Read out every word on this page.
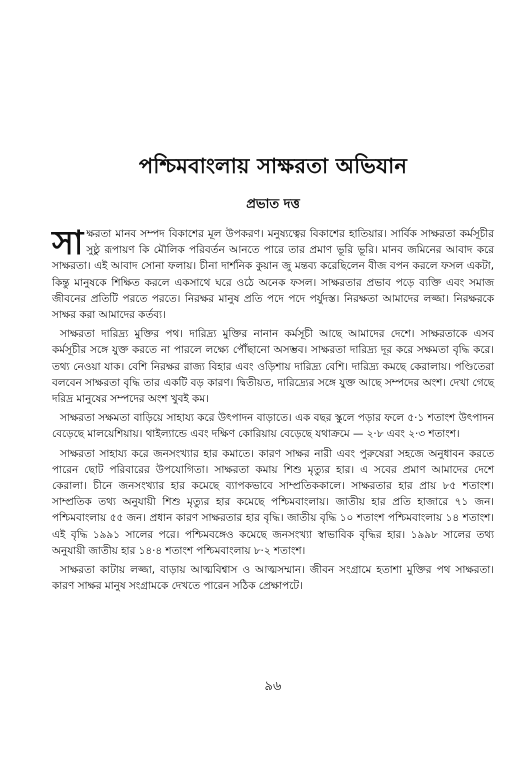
পশ্চিমবাংলায় সাক্ষরতা অভিযান
প্রভাত দত্ত

সাক্ষরতা মানব সম্পদ বিকাশের মূল উপকরণ। মনুষ্যত্বের বিকাশের হাতিয়ার। সার্বিক সাক্ষরতা কর্মসূচীর সুষ্ঠু রূপায়ণ কি মৌলিক পরিবর্তন আনতে পারে তার প্রমাণ ভূরি ভূরি। মানব জমিনের আবাদ করে সাক্ষরতা। এই আবাদ সোনা ফলায়। চীনা দার্শনিক কুয়ান জু মন্তব্য করেছিলেন বীজ বপন করলে ফসল একটা, কিন্তু মানুষকে শিক্ষিত করলে একসাথে ঘরে ওঠে অনেক ফসল। সাক্ষরতার প্রভাব পড়ে ব্যক্তি এবং সমাজ জীবনের প্রতিটি পরতে পরতে। নিরক্ষর মানুষ প্রতি পদে পদে পর্যুদস্ত। নিরক্ষতা আমাদের লজ্জা। নিরক্ষরকে সাক্ষর করা আমাদের কর্তব্য।

সাক্ষরতা দারিদ্র্য মুক্তির পথ। দারিদ্র্য মুক্তির নানান কর্মসূচী আছে আমাদের দেশে। সাক্ষরতাকে এসব কর্মসূচীর সঙ্গে যুক্ত করতে না পারলে লক্ষ্যে পৌঁছানো অসম্ভব। সাক্ষরতা দারিদ্র্য দূর করে সক্ষমতা বৃদ্ধি করে। তথ্য নেওয়া যাক। বেশি নিরক্ষর রাজ্য বিহার এবং ওড়িশায় দারিদ্র্য বেশি। দারিদ্র্য কমছে কেরালায়। পণ্ডিতেরা বলবেন সাক্ষরতা বৃদ্ধি তার একটি বড় কারণ। দ্বিতীয়ত, দারিদ্র্যের সঙ্গে যুক্ত আছে সম্পদের অংশ। দেখা গেছে দরিদ্র মানুষের সম্পদের অংশ খুবই কম।

সাক্ষরতা সক্ষমতা বাড়িয়ে সাহায্য করে উৎপাদন বাড়াতে। এক বছর স্কুলে পড়ার ফলে ৫·১ শতাংশ উৎপাদন বেড়েছে মালয়েশিয়ায়। থাইল্যান্ডে এবং দক্ষিণ কোরিয়ায় বেড়েছে যথাক্রমে — ২·৮ এবং ২·৩ শতাংশ।

সাক্ষরতা সাহায্য করে জনসংখ্যার হার কমাতে। কারণ সাক্ষর নারী এবং পুরুষেরা সহজে অনুধাবন করতে পারেন ছোট পরিবারের উপযোগিতা। সাক্ষরতা কমায় শিশু মৃত্যুর হার। এ সবের প্রমাণ আমাদের দেশে কেরালা। চীনে জনসংখ্যার হার কমেছে ব্যাপকভাবে সাম্প্রতিককালে। সাক্ষরতার হার প্রায় ৮৫ শতাংশ। সাম্প্রতিক তথ্য অনুযায়ী শিশু মৃত্যুর হার কমেছে পশ্চিমবাংলায়। জাতীয় হার প্রতি হাজারে ৭১ জন। পশ্চিমবাংলায় ৫৫ জন। প্রধান কারণ সাক্ষরতার হার বৃদ্ধি। জাতীয় বৃদ্ধি ১০ শতাংশ পশ্চিমবাংলায় ১৪ শতাংশ। এই বৃদ্ধি ১৯৯১ সালের পরে। পশ্চিমবঙ্গেও কমেছে জনসংখ্যা স্বাভাবিক বৃদ্ধির হার। ১৯৯৮ সালের তথ্য অনুযায়ী জাতীয় হার ১৪·৪ শতাংশ পশ্চিমবাংলায় ৮·২ শতাংশ।

সাক্ষরতা কাটায় লজ্জা, বাড়ায় আত্মবিশ্বাস ও আত্মসম্মান। জীবন সংগ্রামে হতাশা মুক্তির পথ সাক্ষরতা। কারণ সাক্ষর মানুষ সংগ্রামকে দেখতে পারেন সঠিক প্রেক্ষাপটে।

৯৬
